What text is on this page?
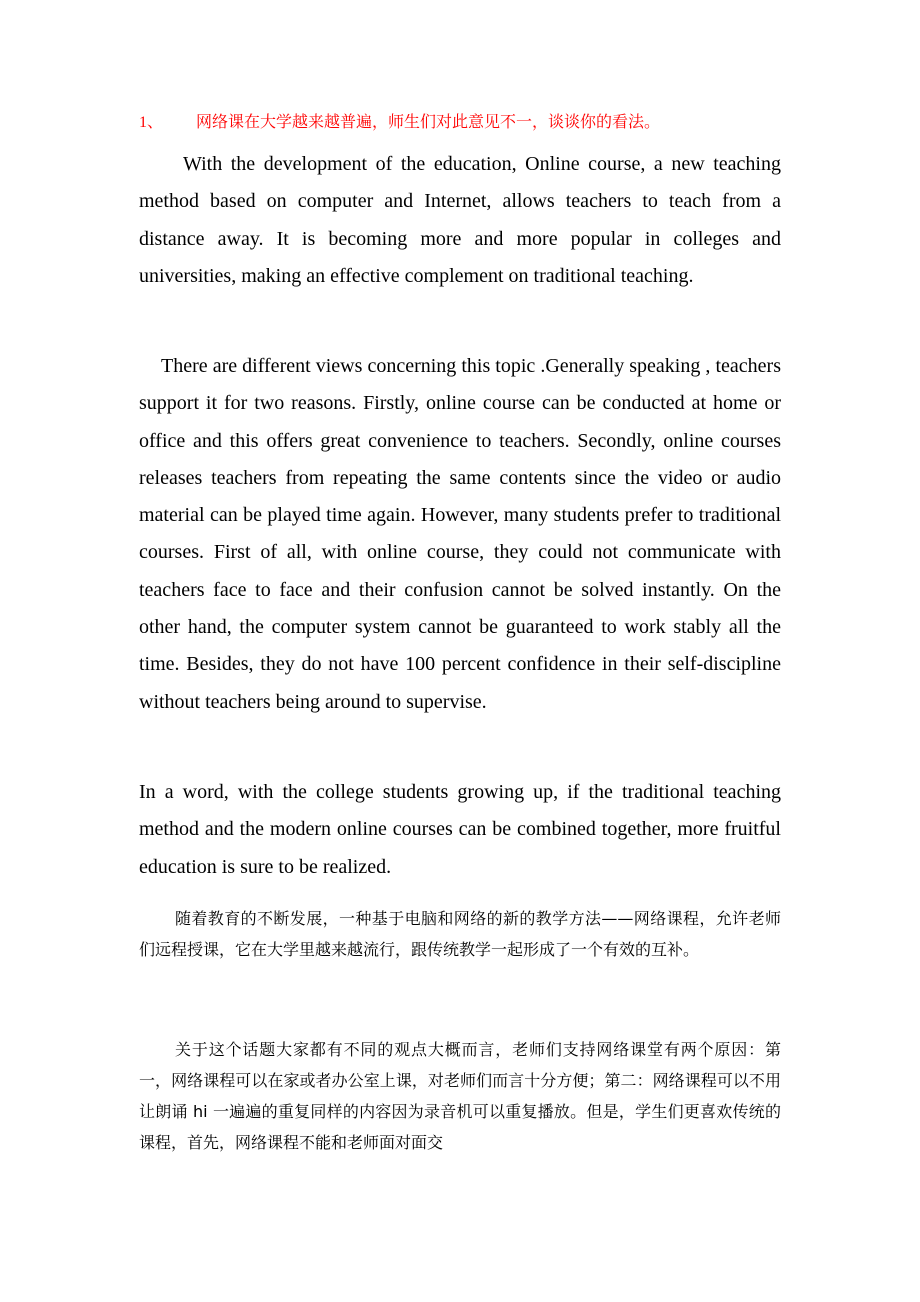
1、 网络课在大学越来越普遍，师生们对此意见不一，谈谈你的看法。

With the development of the education, Online course, a new teaching method based on computer and Internet, allows teachers to teach from a distance away. It is becoming more and more popular in colleges and universities, making an effective complement on traditional teaching.

There are different views concerning this topic .Generally speaking , teachers support it for two reasons. Firstly, online course can be conducted at home or office and this offers great convenience to teachers. Secondly, online courses releases teachers from repeating the same contents since the video or audio material can be played time again. However, many students prefer to traditional courses. First of all, with online course, they could not communicate with teachers face to face and their confusion cannot be solved instantly. On the other hand, the computer system cannot be guaranteed to work stably all the time. Besides, they do not have 100 percent confidence in their self-discipline without teachers being around to supervise.

In a word, with the college students growing up, if the traditional teaching method and the modern online courses can be combined together, more fruitful education is sure to be realized.

随着教育的不断发展，一种基于电脑和网络的新的教学方法——网络课程，允许老师们远程授课，它在大学里越来越流行，跟传统教学一起形成了一个有效的互补。

关于这个话题大家都有不同的观点大概而言，老师们支持网络课堂有两个原因：第一，网络课程可以在家或者办公室上课，对老师们而言十分方便；第二：网络课程可以不用让朗诵 hi 一遍遍的重复同样的内容因为录音机可以重复播放。但是，学生们更喜欢传统的课程，首先，网络课程不能和老师面对面交
